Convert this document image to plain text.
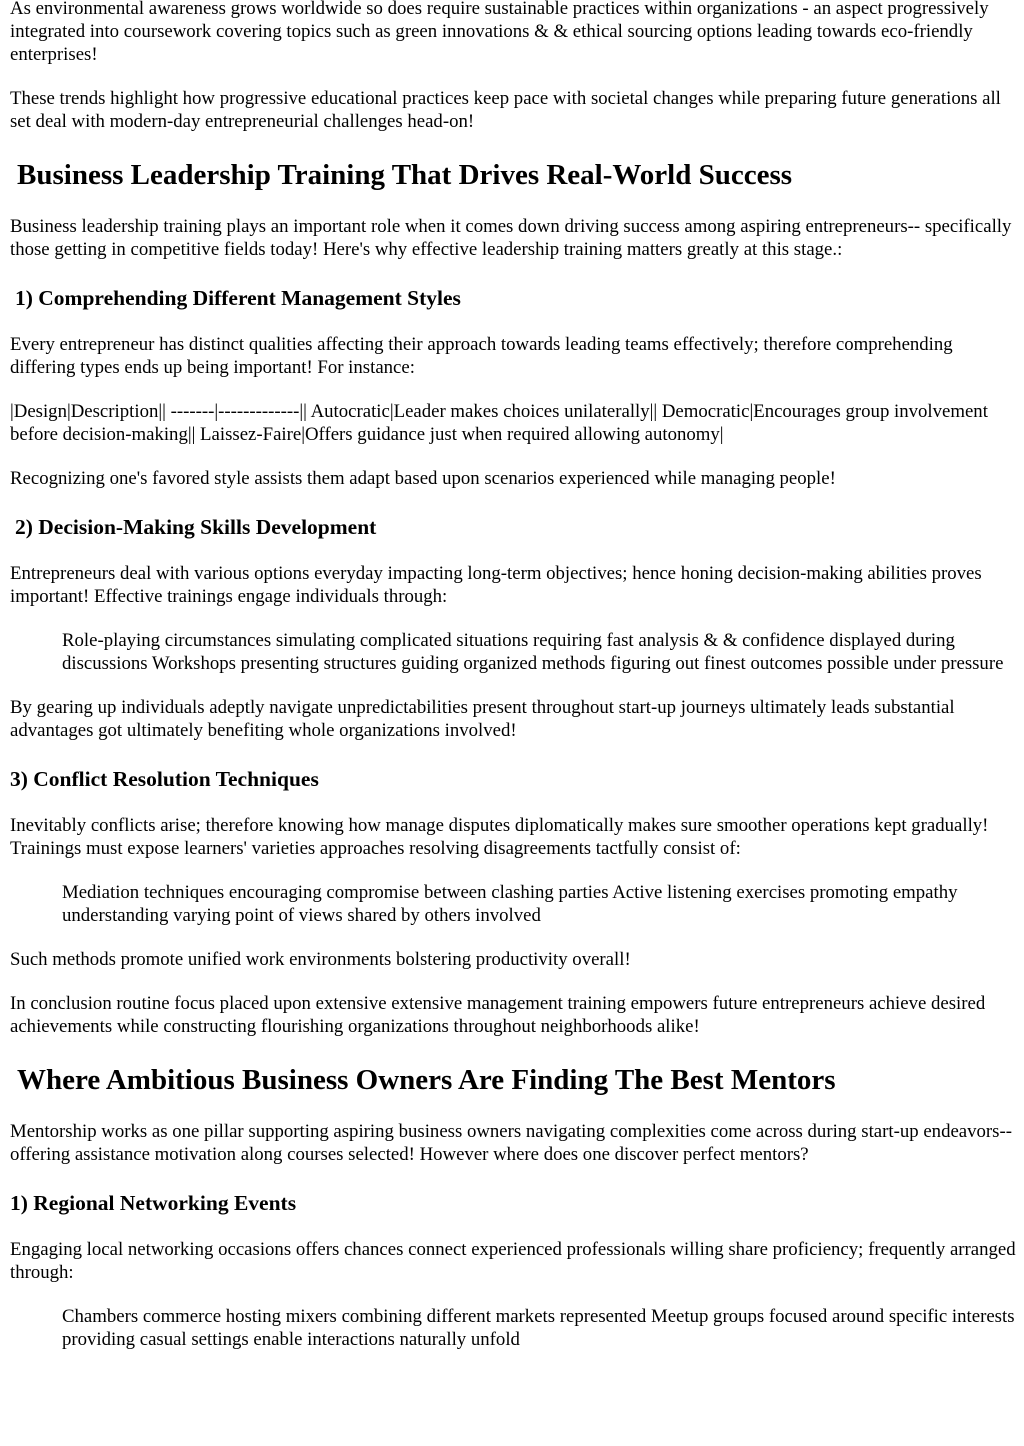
As environmental awareness grows worldwide so does require sustainable practices within organizations - an aspect progressively integrated into coursework covering topics such as green innovations & & ethical sourcing options leading towards eco-friendly enterprises!

These trends highlight how progressive educational practices keep pace with societal changes while preparing future generations all set deal with modern-day entrepreneurial challenges head-on!

Business Leadership Training That Drives Real-World Success

Business leadership training plays an important role when it comes down driving success among aspiring entrepreneurs-- specifically those getting in competitive fields today! Here's why effective leadership training matters greatly at this stage.:

1) Comprehending Different Management Styles

Every entrepreneur has distinct qualities affecting their approach towards leading teams effectively; therefore comprehending differing types ends up being important! For instance:

|Design|Description|| -------|-------------|| Autocratic|Leader makes choices unilaterally|| Democratic|Encourages group involvement before decision-making|| Laissez-Faire|Offers guidance just when required allowing autonomy|

Recognizing one's favored style assists them adapt based upon scenarios experienced while managing people!

2) Decision-Making Skills Development

Entrepreneurs deal with various options everyday impacting long-term objectives; hence honing decision-making abilities proves important! Effective trainings engage individuals through:

Role-playing circumstances simulating complicated situations requiring fast analysis & & confidence displayed during discussions Workshops presenting structures guiding organized methods figuring out finest outcomes possible under pressure

By gearing up individuals adeptly navigate unpredictabilities present throughout start-up journeys ultimately leads substantial advantages got ultimately benefiting whole organizations involved!

3) Conflict Resolution Techniques

Inevitably conflicts arise; therefore knowing how manage disputes diplomatically makes sure smoother operations kept gradually! Trainings must expose learners' varieties approaches resolving disagreements tactfully consist of:

Mediation techniques encouraging compromise between clashing parties Active listening exercises promoting empathy understanding varying point of views shared by others involved

Such methods promote unified work environments bolstering productivity overall!

In conclusion routine focus placed upon extensive extensive management training empowers future entrepreneurs achieve desired achievements while constructing flourishing organizations throughout neighborhoods alike!

Where Ambitious Business Owners Are Finding The Best Mentors

Mentorship works as one pillar supporting aspiring business owners navigating complexities come across during start-up endeavors-- offering assistance motivation along courses selected! However where does one discover perfect mentors?

1) Regional Networking Events

Engaging local networking occasions offers chances connect experienced professionals willing share proficiency; frequently arranged through:

Chambers commerce hosting mixers combining different markets represented Meetup groups focused around specific interests providing casual settings enable interactions naturally unfold
